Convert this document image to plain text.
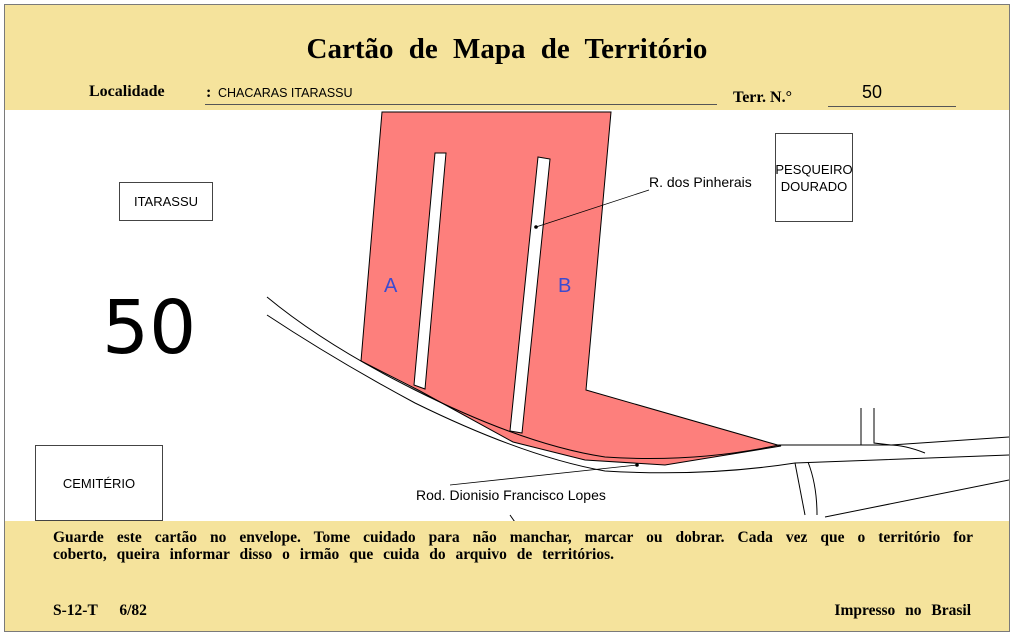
Cartão de Mapa de Território
Localidade	: CHACARAS ITARASSU	Terr. N.°	50
ITARASSU
CEMITÉRIO
PESQUEIRO
DOURADO
50
R. dos Pinherais
Rod. Dionisio Francisco Lopes
A	B
Guarde este cartão no envelope. Tome cuidado para não manchar, marcar ou dobrar. Cada vez que o território for coberto, queira informar disso o irmão que cuida do arquivo de territórios.
S-12-T 6/82	Impresso no Brasil
